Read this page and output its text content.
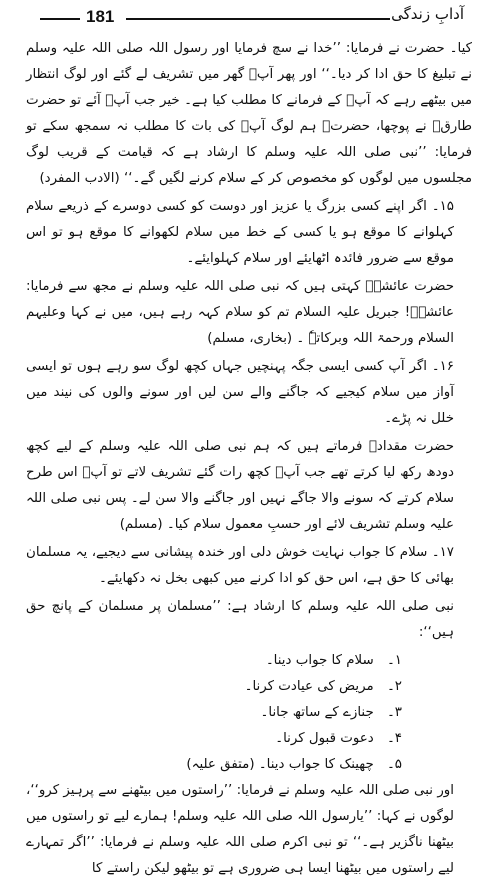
181	آدابِ زندگی

کیا۔ حضرت نے فرمایا: ’’خدا نے سچ فرمایا اور رسول اللہ صلی اللہ علیہ وسلم نے تبلیغ کا حق ادا کر دیا۔‘‘ اور پھر آپؐ گھر میں تشریف لے گئے اور لوگ انتظار میں بیٹھے رہے کہ آپؐ کے فرمانے کا مطلب کیا ہے۔ خیر جب آپؐ آئے تو حضرت طارقؓ نے پوچھا، حضرتؐ ہم لوگ آپؐ کی بات کا مطلب نہ سمجھ سکے تو فرمایا: ’’نبی صلی اللہ علیہ وسلم کا ارشاد ہے کہ قیامت کے قریب لوگ مجلسوں میں لوگوں کو مخصوص کر کے سلام کرنے لگیں گے۔‘‘ (الادب المفرد)

۱۵۔ اگر اپنے کسی بزرگ یا عزیز اور دوست کو کسی دوسرے کے ذریعے سلام کہلوانے کا موقع ہو یا کسی کے خط میں سلام لکھوانے کا موقع ہو تو اس موقع سے ضرور فائدہ اٹھایئے اور سلام کہلوایئے۔

حضرت عائشہؓ کہتی ہیں کہ نبی صلی اللہ علیہ وسلم نے مجھ سے فرمایا: عائشہؓ! جبریل علیہ السلام تم کو سلام کہہ رہے ہیں، میں نے کہا وعلیہم السلام ورحمۃ اللہ وبرکاتہٗ ۔ (بخاری، مسلم)

۱۶۔ اگر آپ کسی ایسی جگہ پہنچیں جہاں کچھ لوگ سو رہے ہوں تو ایسی آواز میں سلام کیجیے کہ جاگنے والے سن لیں اور سونے والوں کی نیند میں خلل نہ پڑے۔

حضرت مقدادؓ فرماتے ہیں کہ ہم نبی صلی اللہ علیہ وسلم کے لیے کچھ دودھ رکھ لیا کرتے تھے جب آپؐ کچھ رات گئے تشریف لاتے تو آپؐ اس طرح سلام کرتے کہ سونے والا جاگے نہیں اور جاگنے والا سن لے۔ پس نبی صلی اللہ علیہ وسلم تشریف لائے اور حسبِ معمول سلام کیا۔ (مسلم)

۱۷۔ سلام کا جواب نہایت خوش دلی اور خندہ پیشانی سے دیجیے، یہ مسلمان بھائی کا حق ہے، اس حق کو ادا کرنے میں کبھی بخل نہ دکھایئے۔

نبی صلی اللہ علیہ وسلم کا ارشاد ہے: ’’مسلمان پر مسلمان کے پانچ حق ہیں‘‘:

۱۔ سلام کا جواب دینا۔
۲۔ مریض کی عیادت کرنا۔
۳۔ جنازے کے ساتھ جانا۔
۴۔ دعوت قبول کرنا۔
۵۔ چھینک کا جواب دینا۔ (متفق علیہ)

اور نبی صلی اللہ علیہ وسلم نے فرمایا: ’’راستوں میں بیٹھنے سے پرہیز کرو‘‘، لوگوں نے کہا: ’’یارسول اللہ صلی اللہ علیہ وسلم! ہمارے لیے تو راستوں میں بیٹھنا ناگزیر ہے۔‘‘ تو نبی اکرم صلی اللہ علیہ وسلم نے فرمایا: ’’اگر تمہارے لیے راستوں میں بیٹھنا ایسا ہی ضروری ہے تو بیٹھو لیکن راستے کا
